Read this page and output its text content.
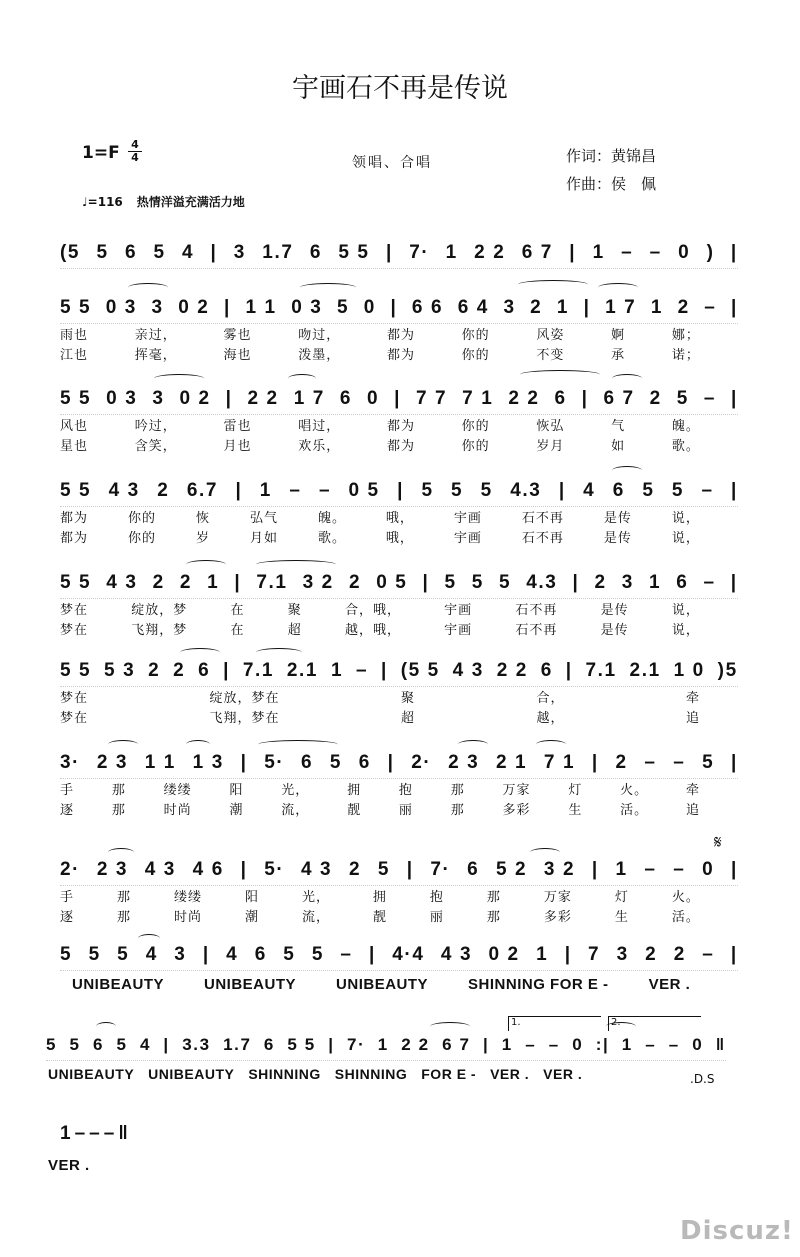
宇画石不再是传说
$1=F \frac{4}{4}$	领唱、合唱	作词：黄锦昌
作曲：侯　佩
♩=116 热情洋溢充满活力地
(5 5 6 5 4 | 3 1.7 6 5 5 | 7· 1 2 2 6 7 | 1 – – 0 ) |
5 5 0 3 3 0 2 | 1 1 0 3 5 0 | 6 6 6 4 3 2 1 | 1 7 1 2 – |
雨也	亲过，	雾也	吻过，	都为	你的	风姿	婀	娜；
江也	挥毫，	海也	泼墨，	都为	你的	不变	承	诺；
5 5 0 3 3 0 2 | 2 2 1 7 6 0 | 7 7 7 1 2 2 6 | 6 7 2 5 – |
风也	吟过，	雷也	唱过，	都为	你的	恢弘	气	魄。
星也	含笑，	月也	欢乐，	都为	你的	岁月	如	歌。
5 5 4 3 2 6.7 | 1 – – 0 5 | 5 5 5 4.3 | 4 6 5 5 – |
都为	你的	恢	弘气	魄。	哦，	宇画	石不再	是传	说，
都为	你的	岁	月如	歌。	哦，	宇画	石不再	是传	说，
5 5 4 3 2 2 1 | 7.1 3 2 2 0 5 | 5 5 5 4.3 | 2 3 1 6 – |
梦在	绽放，梦	在	聚	合，哦，	宇画	石不再	是传	说，
梦在	飞翔，梦	在	超	越，哦，	宇画	石不再	是传	说，
5 5 5 3 2 2 6 | 7.1 2.1 1 – | (5 5 4 3 2 2 6 | 7.1 2.1 1 0 )5
梦在	绽放，梦在	聚	合，	牵
梦在	飞翔，梦在	超	越，	追
3· 2 3 1 1 1 3 | 5· 6 5 6 | 2· 2 3 2 1 7 1 | 2 – – 5 |
手	那	缕缕	阳	光，	拥	抱	那	万家	灯	火。	牵
逐	那	时尚	潮	流，	靓	丽	那	多彩	生	活。	追
2· 2 3 4 3 4 6 | 5· 4 3 2 5 | 7· 6 5 2 3 2 | 1 – – 0 |
手	那	缕缕	阳	光，	拥	抱	那	万家	灯	火。
逐	那	时尚	潮	流，	靓	丽	那	多彩	生	活。
5 5 5 4 3 | 4 6 5 5 – | 4·4 4 3 0 2 1 | 7 3 2 2 – |
UNIBEAUTY	UNIBEAUTY	UNIBEAUTY	SHINNING FOR E -	VER .
5 5 6 5 4 | 3.3 1.7 6 5 5 | 7· 1 2 2 6 7 | 1 – – 0 :| 1 – – 0 ‖
UNIBEAUTY UNIBEAUTY SHINNING SHINNING FOR E - VER . VER .
1.	2.
.D.S
1 – – – ‖
VER .
𝄋
Discuz!
